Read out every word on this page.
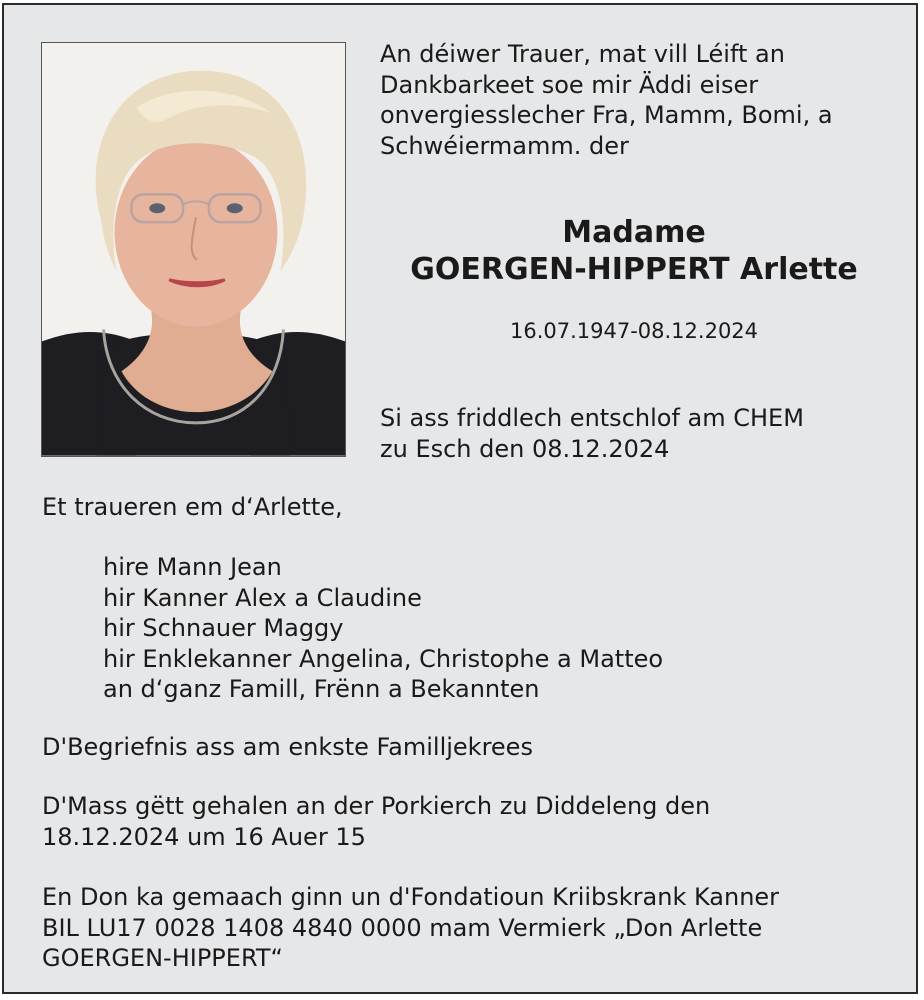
An déiwer Trauer, mat vill Léift an
Dankbarkeet soe mir Äddi eiser
onvergiesslecher Fra, Mamm, Bomi, a
Schwéiermamm. der
Madame
GOERGEN-HIPPERT Arlette
16.07.1947-08.12.2024
Si ass friddlech entschlof am CHEM
zu Esch den 08.12.2024
Et traueren em d‘Arlette,
hire Mann Jean
hir Kanner Alex a Claudine
hir Schnauer Maggy
hir Enklekanner Angelina, Christophe a Matteo
an d‘ganz Famill, Frënn a Bekannten
D'Begriefnis ass am enkste Familljekrees
D'Mass gëtt gehalen an der Porkierch zu Diddeleng den
18.12.2024 um 16 Auer 15
En Don ka gemaach ginn un d'Fondatioun Kriibskrank Kanner
BIL LU17 0028 1408 4840 0000 mam Vermierk „Don Arlette
GOERGEN-HIPPERT“
